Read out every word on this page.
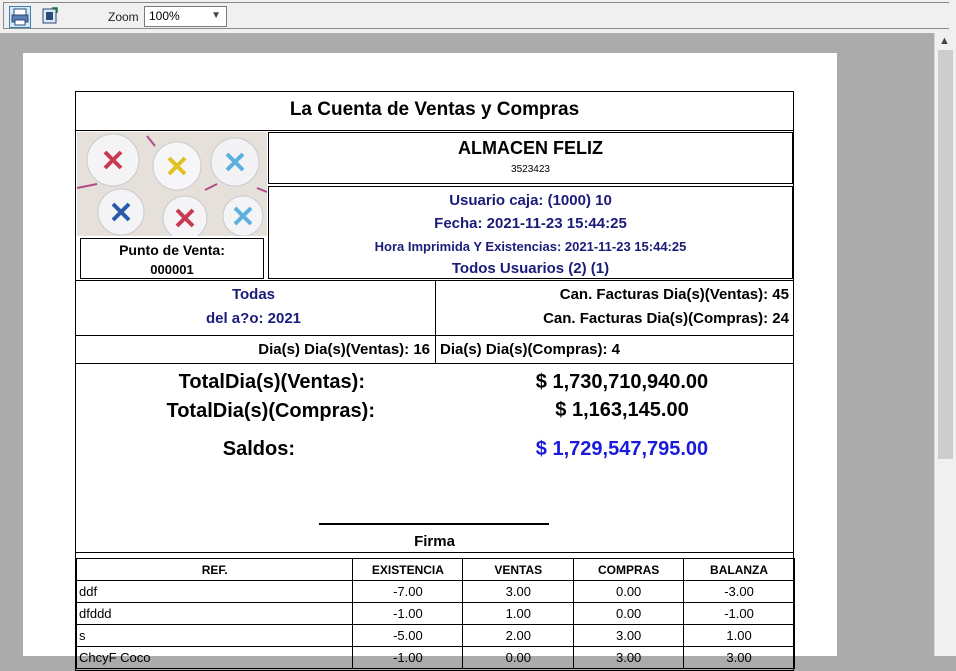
Zoom 100%	▼
▲
La Cuenta de Ventas y Compras
Punto de Venta:
000001
ALMACEN FELIZ
3523423
Usuario caja: (1000) 10
Fecha: 2021-11-23 15:44:25
Hora Imprimida Y Existencias: 2021-11-23 15:44:25
Todos Usuarios (2) (1)
Todas
del a?o: 2021
Can. Facturas Dia(s)(Ventas): 45
Can. Facturas Dia(s)(Compras): 24
Dia(s) Dia(s)(Ventas): 16 Dia(s) Dia(s)(Compras): 4
TotalDia(s)(Ventas):	$ 1,730,710,940.00
TotalDia(s)(Compras):	$ 1,163,145.00
Saldos:	$ 1,729,547,795.00
Firma
REF.	EXISTENCIA	VENTAS	COMPRAS	BALANZA
ddf	-7.00	3.00	0.00	-3.00
dfddd	-1.00	1.00	0.00	-1.00
s	-5.00	2.00	3.00	1.00
ChcyF Coco	-1.00	0.00	3.00	3.00
